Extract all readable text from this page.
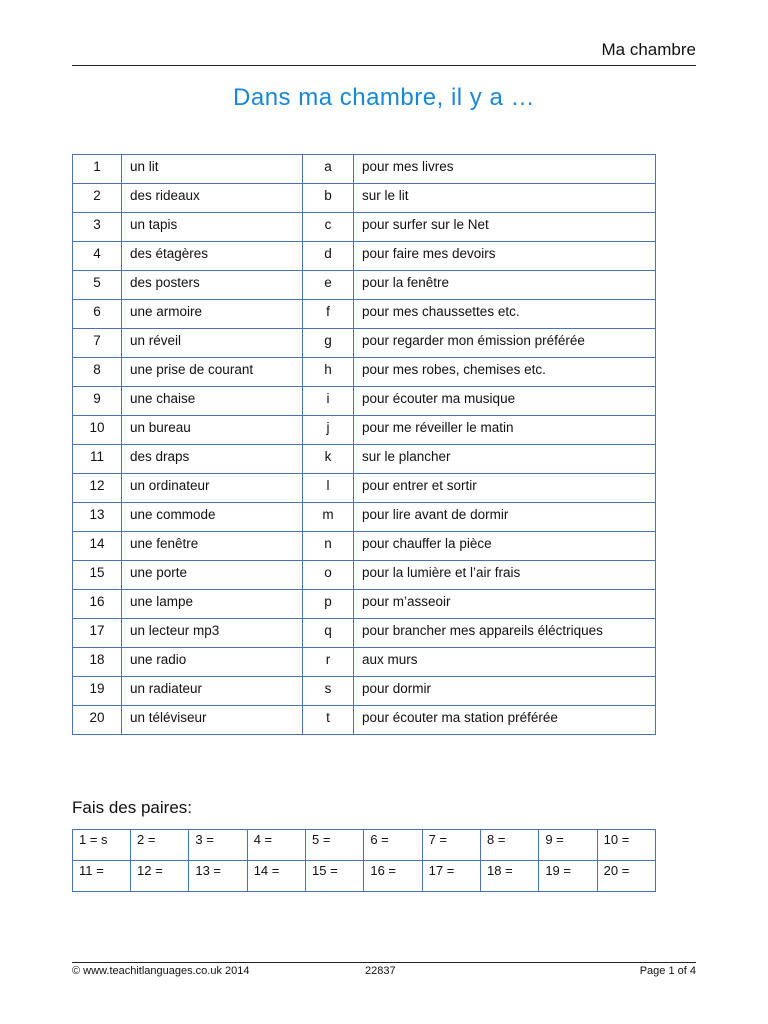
Ma chambre
Dans ma chambre, il y a …
1	un lit	a	pour mes livres
2	des rideaux	b	sur le lit
3	un tapis	c	pour surfer sur le Net
4	des étagères	d	pour faire mes devoirs
5	des posters	e	pour la fenêtre
6	une armoire	f	pour mes chaussettes etc.
7	un réveil	g	pour regarder mon émission préférée
8	une prise de courant	h	pour mes robes, chemises etc.
9	une chaise	i	pour écouter ma musique
10	un bureau	j	pour me réveiller le matin
11	des draps	k	sur le plancher
12	un ordinateur	l	pour entrer et sortir
13	une commode	m	pour lire avant de dormir
14	une fenêtre	n	pour chauffer la pièce
15	une porte	o	pour la lumière et l’air frais
16	une lampe	p	pour m’asseoir
17	un lecteur mp3	q	pour brancher mes appareils éléctriques
18	une radio	r	aux murs
19	un radiateur	s	pour dormir
20	un téléviseur	t	pour écouter ma station préférée
Fais des paires:
1 = s	2 =	3 =	4 =	5 =	6 =	7 =	8 =	9 =	10 =
11 =	12 =	13 =	14 =	15 =	16 =	17 =	18 =	19 =	20 =
© www.teachitlanguages.co.uk 2014	22837	Page 1 of 4
